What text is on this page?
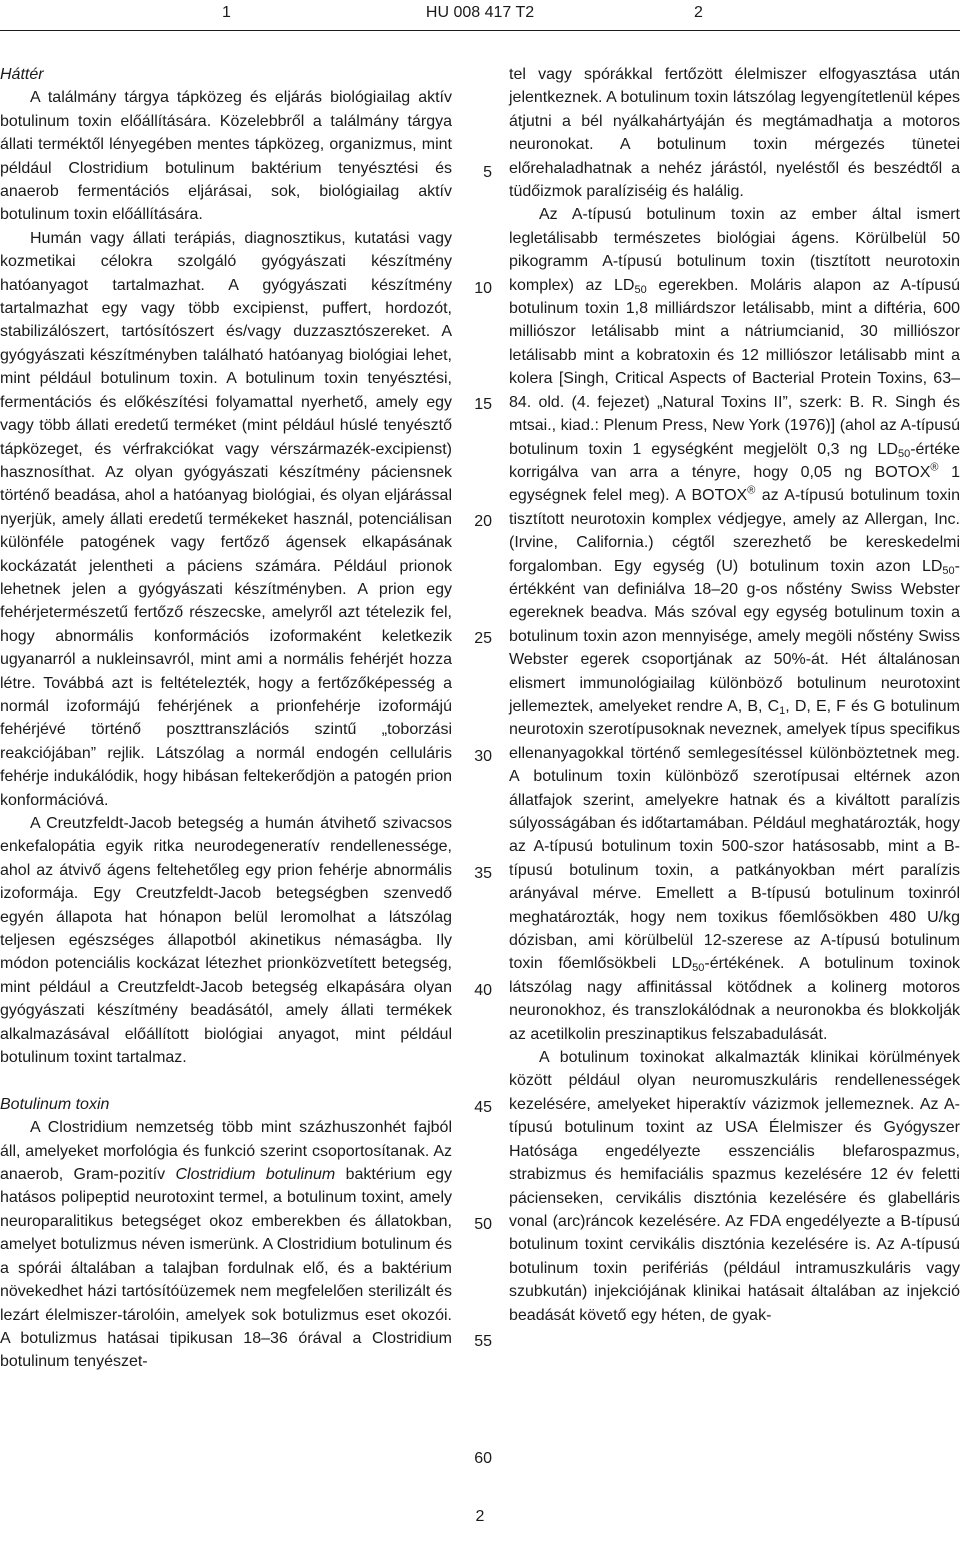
1	HU 008 417 T2	2

Háttér

A találmány tárgya tápközeg és eljárás biológiailag aktív botulinum toxin előállítására. Közelebbről a találmány tárgya állati terméktől lényegében mentes tápközeg, organizmus, mint például Clostridium botulinum baktérium tenyésztési és anaerob fermentációs eljárásai, sok, biológiailag aktív botulinum toxin előállítására.

Humán vagy állati terápiás, diagnosztikus, kutatási vagy kozmetikai célokra szolgáló gyógyászati készítmény hatóanyagot tartalmazhat. A gyógyászati készítmény tartalmazhat egy vagy több excipienst, puffert, hordozót, stabilizálószert, tartósítószert és/vagy duzzasztószereket. A gyógyászati készítményben található hatóanyag biológiai lehet, mint például botulinum toxin. A botulinum toxin tenyésztési, fermentációs és előkészítési folyamattal nyerhető, amely egy vagy több állati eredetű terméket (mint például húslé tenyésztő tápközeget, és vérfrakciókat vagy vérszármazék-excipienst) hasznosíthat. Az olyan gyógyászati készítmény páciensnek történő beadása, ahol a hatóanyag biológiai, és olyan eljárással nyerjük, amely állati eredetű termékeket használ, potenciálisan különféle patogének vagy fertőző ágensek elkapásának kockázatát jelentheti a páciens számára. Például prionok lehetnek jelen a gyógyászati készítményben. A prion egy fehérjetermészetű fertőző részecske, amelyről azt tételezik fel, hogy abnormális konformációs izoformaként keletkezik ugyanarról a nukleinsavról, mint ami a normális fehérjét hozza létre. Továbbá azt is feltételezték, hogy a fertőzőképesség a normál izoformájú fehérjének a prionfehérje izoformájú fehérjévé történő poszttranszlációs szintű „toborzási reakciójában” rejlik. Látszólag a normál endogén celluláris fehérje indukálódik, hogy hibásan feltekerődjön a patogén prion konformációvá.

A Creutzfeldt-Jacob betegség a humán átvihető szivacsos enkefalopátia egyik ritka neurodegeneratív rendellenessége, ahol az átvivő ágens feltehetőleg egy prion fehérje abnormális izoformája. Egy Creutzfeldt-Jacob betegségben szenvedő egyén állapota hat hónapon belül leromolhat a látszólag teljesen egészséges állapotból akinetikus némaságba. Ily módon potenciális kockázat létezhet prionközvetített betegség, mint például a Creutzfeldt-Jacob betegség elkapására olyan gyógyászati készítmény beadásától, amely állati termékek alkalmazásával előállított biológiai anyagot, mint például botulinum toxint tartalmaz.

Botulinum toxin

A Clostridium nemzetség több mint százhuszonhét fajból áll, amelyeket morfológia és funkció szerint csoportosítanak. Az anaerob, Gram-pozitív Clostridium botulinum baktérium egy hatásos polipeptid neurotoxint termel, a botulinum toxint, amely neuroparalitikus betegséget okoz emberekben és állatokban, amelyet botulizmus néven ismerünk. A Clostridium botulinum és a spórái általában a talajban fordulnak elő, és a baktérium növekedhet házi tartósítóüzemek nem megfelelően sterilizált és lezárt élelmiszer-tárolóin, amelyek sok botulizmus eset okozói. A botulizmus hatásai tipikusan 18–36 órával a Clostridium botulinum tenyészet-

tel vagy spórákkal fertőzött élelmiszer elfogyasztása után jelentkeznek. A botulinum toxin látszólag legyengítetlenül képes átjutni a bél nyálkahártyáján és megtámadhatja a motoros neuronokat. A botulinum toxin mérgezés tünetei előrehaladhatnak a nehéz járástól, nyeléstől és beszédtől a tüdőizmok paralíziséig és halálig.

Az A-típusú botulinum toxin az ember által ismert legletálisabb természetes biológiai ágens. Körülbelül 50 pikogramm A-típusú botulinum toxin (tisztított neurotoxin komplex) az $LD_{50}$ egerekben. Moláris alapon az A-típusú botulinum toxin 1,8 milliárdszor letálisabb, mint a diftéria, 600 milliószor letálisabb mint a nátriumcianid, 30 milliószor letálisabb mint a kobratoxin és 12 milliószor letálisabb mint a kolera [Singh, Critical Aspects of Bacterial Protein Toxins, 63–84. old. (4. fejezet) „Natural Toxins II”, szerk: B. R. Singh és mtsai., kiad.: Plenum Press, New York (1976)] (ahol az A-típusú botulinum toxin 1 egységként megjelölt 0,3 ng $LD_{50}$-értéke korrigálva van arra a tényre, hogy 0,05 ng BOTOX® 1 egységnek felel meg). A BOTOX® az A-típusú botulinum toxin tisztított neurotoxin komplex védjegye, amely az Allergan, Inc. (Irvine, California.) cégtől szerezhető be kereskedelmi forgalomban. Egy egység (U) botulinum toxin azon $LD_{50}$-értékként van definiálva 18–20 g-os nőstény Swiss Webster egereknek beadva. Más szóval egy egység botulinum toxin a botulinum toxin azon mennyisége, amely megöli nőstény Swiss Webster egerek csoportjának az 50%-át. Hét általánosan elismert immunológiailag különböző botulinum neurotoxint jellemeztek, amelyeket rendre A, B, $C_1$, D, E, F és G botulinum neurotoxin szerotípusoknak neveznek, amelyek típus specifikus ellenanyagokkal történő semlegesítéssel különböztetnek meg. A botulinum toxin különböző szerotípusai eltérnek azon állatfajok szerint, amelyekre hatnak és a kiváltott paralízis súlyosságában és időtartamában. Például meghatározták, hogy az A-típusú botulinum toxin 500-szor hatásosabb, mint a B-típusú botulinum toxin, a patkányokban mért paralízis arányával mérve. Emellett a B-típusú botulinum toxinról meghatározták, hogy nem toxikus főemlősökben 480 U/kg dózisban, ami körülbelül 12-szerese az A-típusú botulinum toxin főemlősökbeli $LD_{50}$-értékének. A botulinum toxinok látszólag nagy affinitással kötődnek a kolinerg motoros neuronokhoz, és transzlokálódnak a neuronokba és blokkolják az acetilkolin preszinaptikus felszabadulását.

A botulinum toxinokat alkalmazták klinikai körülmények között például olyan neuromuszkuláris rendellenességek kezelésére, amelyeket hiperaktív vázizmok jellemeznek. Az A-típusú botulinum toxint az USA Élelmiszer és Gyógyszer Hatósága engedélyezte esszenciális blefarospazmus, strabizmus és hemifaciális spazmus kezelésére 12 év feletti pácienseken, cervikális disztónia kezelésére és glabelláris vonal (arc)ráncok kezelésére. Az FDA engedélyezte a B-típusú botulinum toxint cervikális disztónia kezelésére is. Az A-típusú botulinum toxin perifériás (például intramuszkuláris vagy szubkután) injekciójának klinikai hatásait általában az injekció beadását követő egy héten, de gyak-

5
10
15
20
25
30
35
40
45
50
55
60
2
